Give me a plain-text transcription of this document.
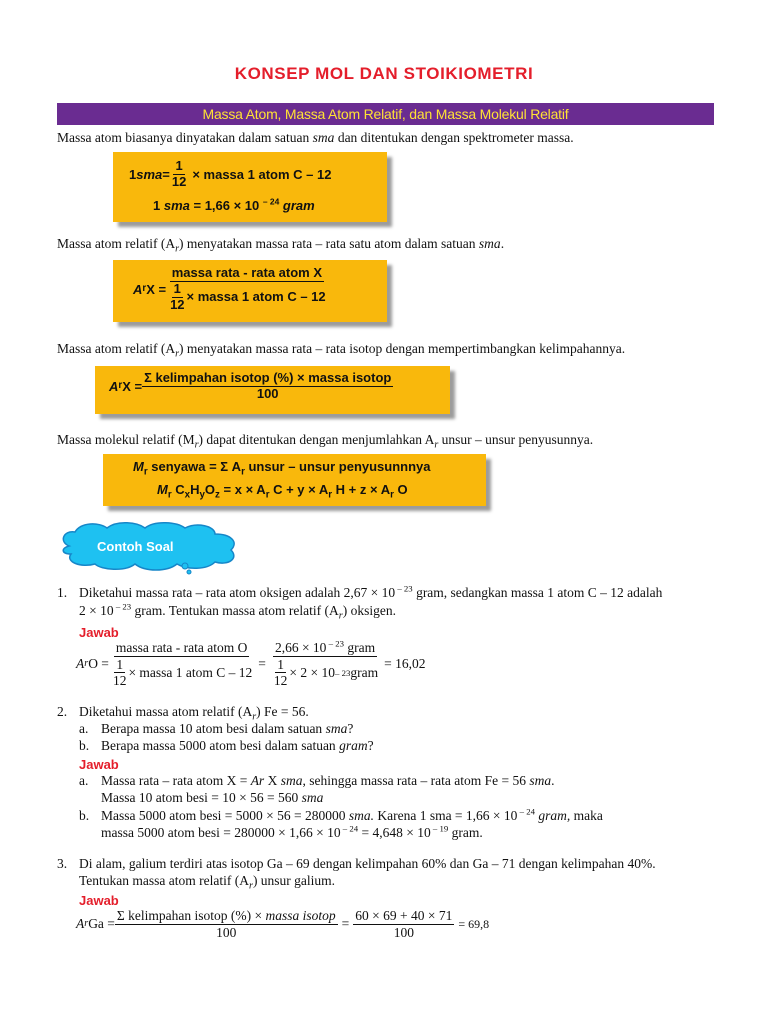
KONSEP MOL DAN STOIKIOMETRI
Massa Atom, Massa Atom Relatif, dan Massa Molekul Relatif
Massa atom biasanya dinyatakan dalam satuan sma dan ditentukan dengan spektrometer massa.
1 sma = $\frac{1}{12}$ × massa 1 atom C – 12
1 sma = 1,66 × 10 $^{- 24}$ gram
Massa atom relatif $(A_r)$ menyatakan massa rata – rata satu atom dalam satuan sma.
A r $X = \frac{\text{massa rata - rata atom X}}{\frac{1}{12} \times massa 1 atom C - 12}$
Massa atom relatif $(A_r)$ menyatakan massa rata – rata isotop dengan mempertimbangkan kelimpahannya.
A r $X = \frac{\text{Σ kelimpahan isotop (\%) × massa isotop}}{100}$
Massa molekul relatif $(M_r)$ dapat ditentukan dengan menjumlahkan $A_r$ unsur – unsur penyusunnya.
$M_r$ senyawa = Σ $A_r$ unsur – unsur penyusunnnya
$M_r$ $C_xH_yO_z = x \times A_r$ $C + y \times A_r$ $H + z \times A_r$ O
Contoh Soal
1. Diketahui massa rata – rata atom oksigen adalah 2,67 × 10 $^{- 23}$ gram, sedangkan massa 1 atom C – 12 adalah
2 × 10 $^{- 23}$ gram. Tentukan massa atom relatif $(A_r)$ oksigen.
Jawab
A r $O = \frac{\text{massa rata - rata atom O}}{\frac{1}{12} \times massa 1 atom C - 12} = \frac{2,66 \times 10 ^{- 23} gram}{\frac{1}{12} \times 2 \times 10 - 23 gram} = 16,02$
2. Diketahui massa atom relatif $(A_r) Fe = 56$.
a. Berapa massa 10 atom besi dalam satuan sma?
b. Berapa massa 5000 atom besi dalam satuan gram?
Jawab
a. Massa rata – rata atom X = Ar X sma, sehingga massa rata – rata atom Fe = 56 sma.
Massa 10 atom besi = 10 × 56 = 560 sma
b. Massa 5000 atom besi = 5000 × 56 = 280000 sma. Karena 1 sma = 1,66 × 10 $^{- 24}$ gram, maka
massa 5000 atom besi = 280000 × 1,66 × 10 $^{- 24}$ = 4,648 × 10 $^{- 19}$ gram.
3. Di alam, galium terdiri atas isotop Ga – 69 dengan kelimpahan 60% dan Ga – 71 dengan kelimpahan 40%.
Tentukan massa atom relatif $(A_r)$ unsur galium.
Jawab
A r $Ga = \frac{\text{Σ kelimpahan isotop (\%) × massa isotop}}{100} = \frac{60 \times 69 + 40 \times 71}{100} = 69,8$
